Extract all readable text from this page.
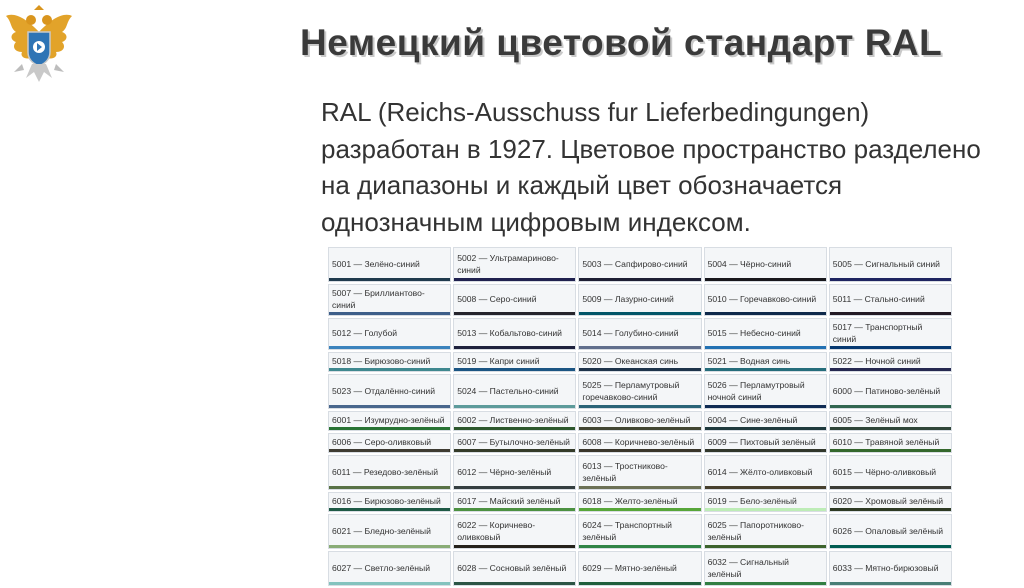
Немецкий цветовой стандарт RAL

RAL (Reichs-Ausschuss fur Lieferbedingungen) разработан в 1927. Цветовое пространство разделено на диапазоны и каждый цвет обозначается однозначным цифровым индексом.

5001 — Зелёно-синий	5002 — Ультрамариново-синий	5003 — Сапфирово-синий	5004 — Чёрно-синий	5005 — Сигнальный синий

5007 — Бриллиантово-синий	5008 — Серо-синий	5009 — Лазурно-синий	5010 — Горечавково-синий	5011 — Стально-синий

5012 — Голубой	5013 — Кобальтово-синий	5014 — Голубино-синий	5015 — Небесно-синий	5017 — Транспортный синий

5018 — Бирюзово-синий	5019 — Капри синий	5020 — Океанская синь	5021 — Водная синь	5022 — Ночной синий

5023 — Отдалённо-синий	5024 — Пастельно-синий	5025 — Перламутровый горечавково-синий	5026 — Перламутровый ночной синий	6000 — Патиново-зелёный

6001 — Изумрудно-зелёный	6002 — Лиственно-зелёный	6003 — Оливково-зелёный	6004 — Сине-зелёный	6005 — Зелёный мох

6006 — Серо-оливковый	6007 — Бутылочно-зелёный	6008 — Коричнево-зелёный	6009 — Пихтовый зелёный	6010 — Травяной зелёный

6011 — Резедово-зелёный	6012 — Чёрно-зелёный	6013 — Тростниково-зелёный	6014 — Жёлто-оливковый	6015 — Чёрно-оливковый

6016 — Бирюзово-зелёный	6017 — Майский зелёный	6018 — Желто-зелёный	6019 — Бело-зелёный	6020 — Хромовый зелёный

6021 — Бледно-зелёный	6022 — Коричнево-оливковый	6024 — Транспортный зелёный	6025 — Папоротниково-зелёный	6026 — Опаловый зелёный

6027 — Светло-зелёный	6028 — Сосновый зелёный	6029 — Мятно-зелёный	6032 — Сигнальный зелёный	6033 — Мятно-бирюзовый
